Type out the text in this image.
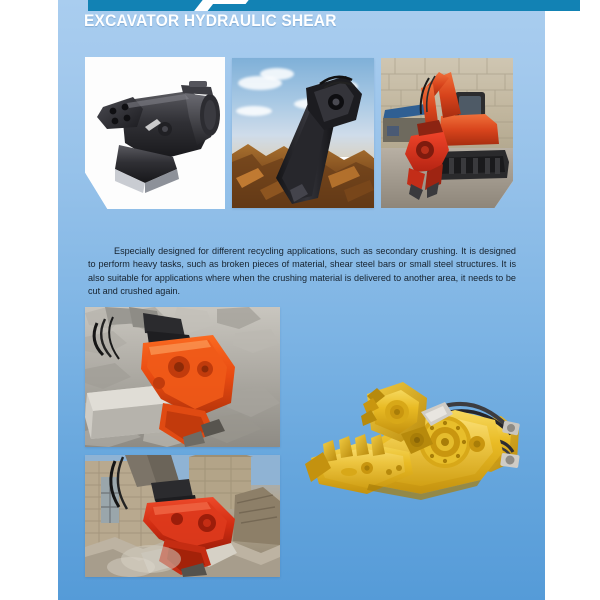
EXCAVATOR HYDRAULIC SHEAR

Especially designed for different recycling applications, such as secondary crushing. It is designed to perform heavy tasks, such as broken pieces of material, shear steel bars or small steel structures. It is also suitable for applications where when the crushing material is delivered to another area, it needs to be cut and crushed again.
